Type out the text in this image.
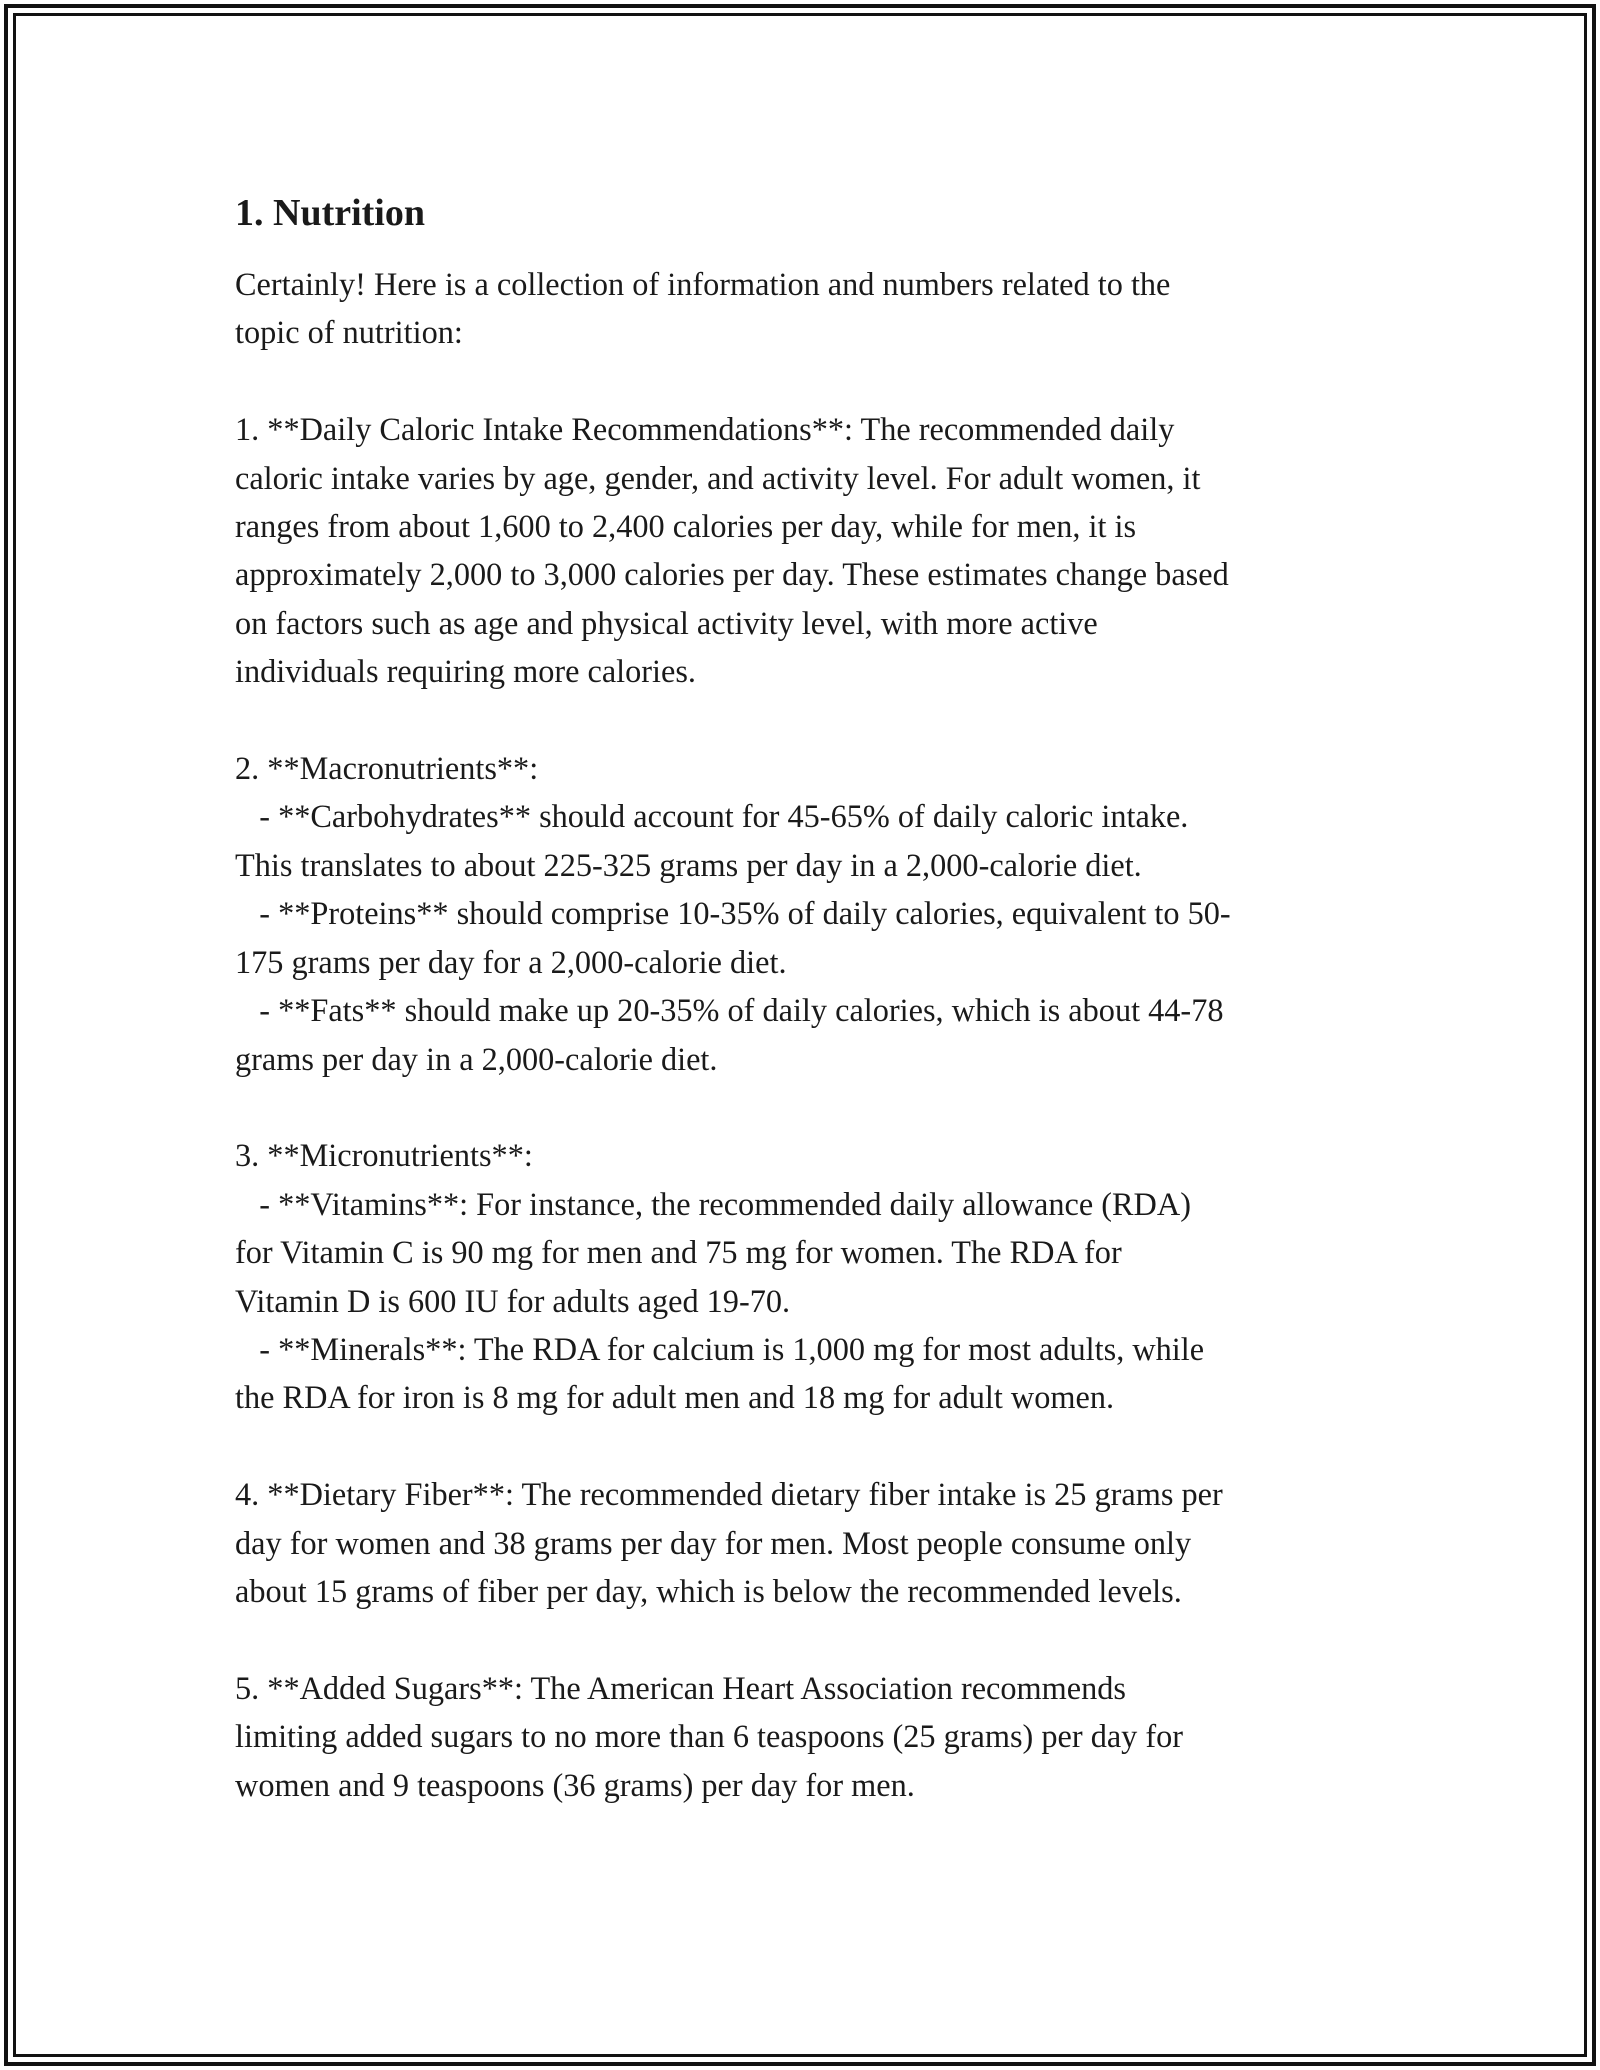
1. Nutrition

Certainly! Here is a collection of information and numbers related to the
topic of nutrition:

1. **Daily Caloric Intake Recommendations**: The recommended daily
caloric intake varies by age, gender, and activity level. For adult women, it
ranges from about 1,600 to 2,400 calories per day, while for men, it is
approximately 2,000 to 3,000 calories per day. These estimates change based
on factors such as age and physical activity level, with more active
individuals requiring more calories.

2. **Macronutrients**:
- **Carbohydrates** should account for 45-65% of daily caloric intake.
This translates to about 225-325 grams per day in a 2,000-calorie diet.
- **Proteins** should comprise 10-35% of daily calories, equivalent to 50-
175 grams per day for a 2,000-calorie diet.
- **Fats** should make up 20-35% of daily calories, which is about 44-78
grams per day in a 2,000-calorie diet.

3. **Micronutrients**:
- **Vitamins**: For instance, the recommended daily allowance (RDA)
for Vitamin C is 90 mg for men and 75 mg for women. The RDA for
Vitamin D is 600 IU for adults aged 19-70.
- **Minerals**: The RDA for calcium is 1,000 mg for most adults, while
the RDA for iron is 8 mg for adult men and 18 mg for adult women.

4. **Dietary Fiber**: The recommended dietary fiber intake is 25 grams per
day for women and 38 grams per day for men. Most people consume only
about 15 grams of fiber per day, which is below the recommended levels.

5. **Added Sugars**: The American Heart Association recommends
limiting added sugars to no more than 6 teaspoons (25 grams) per day for
women and 9 teaspoons (36 grams) per day for men.
